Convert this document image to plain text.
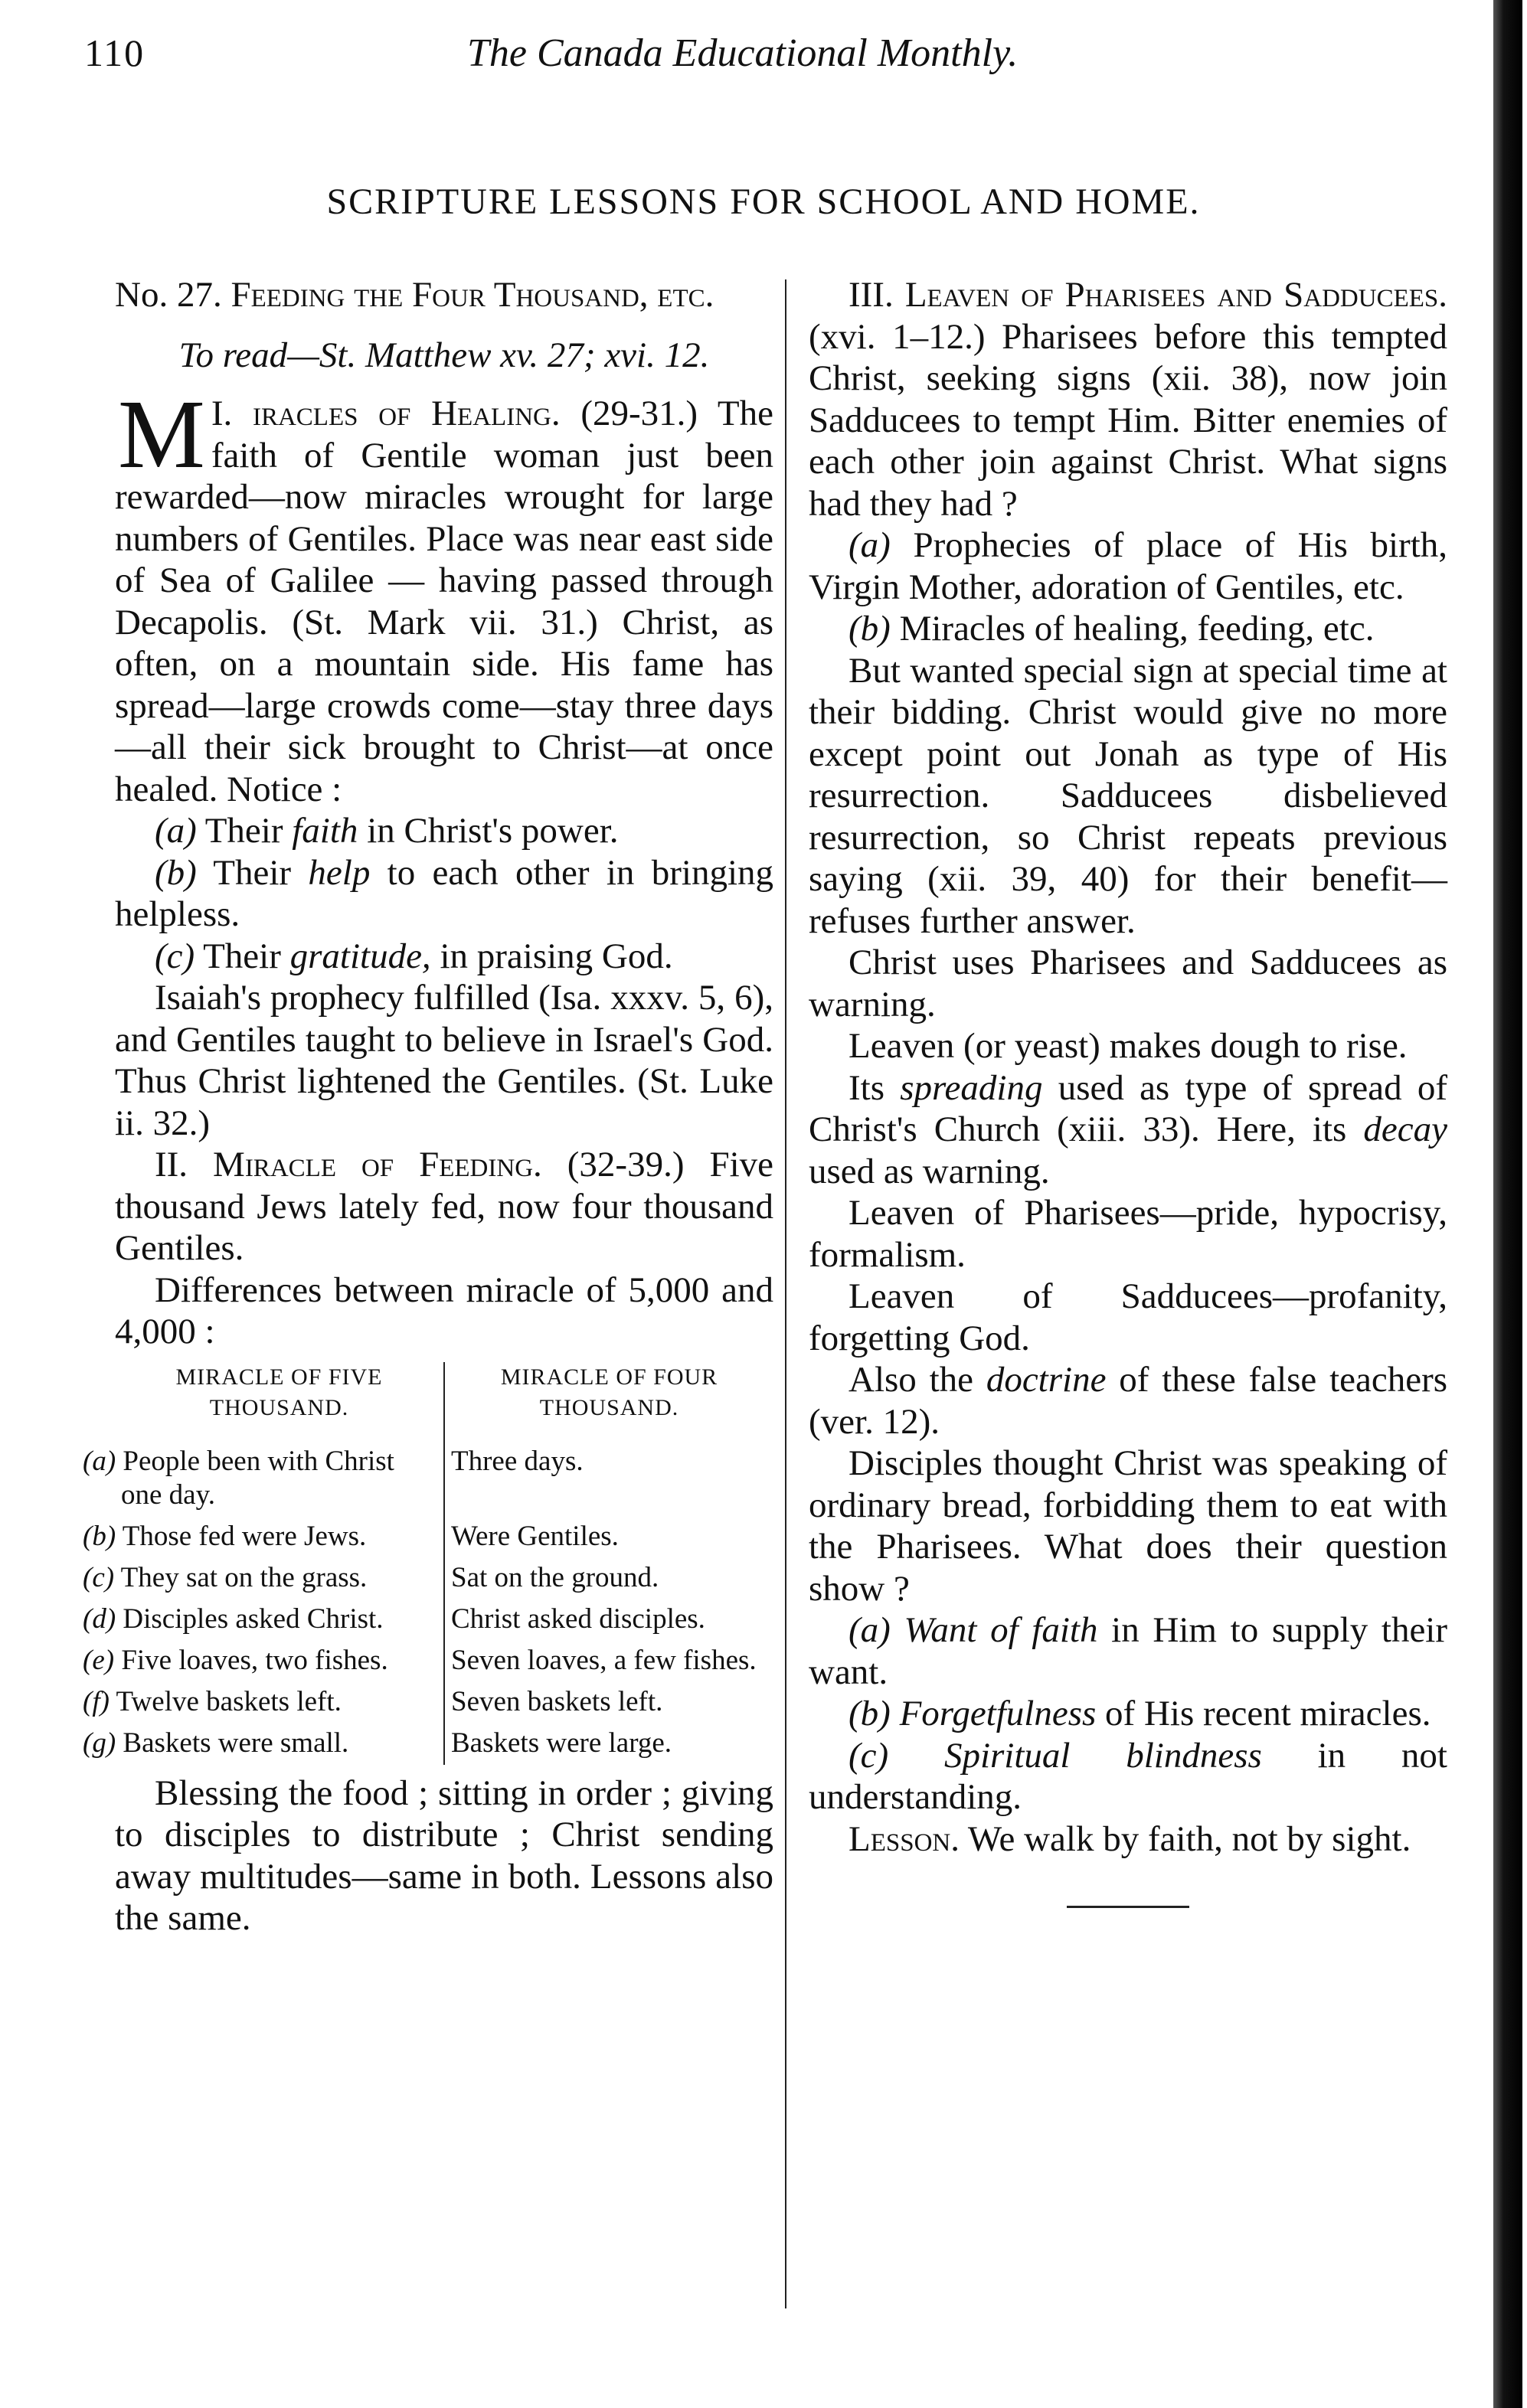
110	The Canada Educational Monthly.
SCRIPTURE LESSONS FOR SCHOOL AND HOME.

No. 27. Feeding the Four Thousand, etc.

To read—St. Matthew xv. 27; xvi. 12.

I.
M iracles of Healing. (29-31.) The faith of Gentile woman just been rewarded—now miracles wrought for large numbers of Gentiles. Place was near east side of Sea of Galilee — having passed through Decapolis. (St. Mark vii. 31.) Christ, as often, on a mountain side. His fame has spread—large crowds come—stay three days—all their sick brought to Christ—at once healed. Notice :

(a) Their faith in Christ's power.

(b) Their help to each other in bringing helpless.

(c) Their gratitude, in praising God.

Isaiah's prophecy fulfilled (Isa. xxxv. 5, 6), and Gentiles taught to believe in Israel's God. Thus Christ lightened the Gentiles. (St. Luke ii. 32.)

II. Miracle of Feeding. (32-39.) Five thousand Jews lately fed, now four thousand Gentiles.

Differences between miracle of 5,000 and 4,000 :

MIRACLE OF FIVE THOUSAND.	MIRACLE OF FOUR THOUSAND.
(a) People been with Christ one day.	Three days.
(b) Those fed were Jews.	Were Gentiles.
(c) They sat on the grass.	Sat on the ground.
(d) Disciples asked Christ.	Christ asked disciples.
(e) Five loaves, two fishes.	Seven loaves, a few fishes.
(f) Twelve baskets left.	Seven baskets left.
(g) Baskets were small.	Baskets were large.

Blessing the food ; sitting in order ; giving to disciples to distribute ; Christ sending away multitudes—same in both. Lessons also the same.

III. Leaven of Pharisees and Sadducees. (xvi. 1–12.) Pharisees before this tempted Christ, seeking signs (xii. 38), now join Sadducees to tempt Him. Bitter enemies of each other join against Christ. What signs had they had ?

(a) Prophecies of place of His birth, Virgin Mother, adoration of Gentiles, etc.

(b) Miracles of healing, feeding, etc.

But wanted special sign at special time at their bidding. Christ would give no more except point out Jonah as type of His resurrection. Sadducees disbelieved resurrection, so Christ repeats previous saying (xii. 39, 40) for their benefit—refuses further answer.

Christ uses Pharisees and Sadducees as warning.

Leaven (or yeast) makes dough to rise.

Its spreading used as type of spread of Christ's Church (xiii. 33). Here, its decay used as warning.

Leaven of Pharisees—pride, hypocrisy, formalism.

Leaven of Sadducees—profanity, forgetting God.

Also the doctrine of these false teachers (ver. 12).

Disciples thought Christ was speaking of ordinary bread, forbidding them to eat with the Pharisees. What does their question show ?

(a) Want of faith in Him to supply their want.

(b) Forgetfulness of His recent miracles.

(c) Spiritual blindness in not understanding.

Lesson. We walk by faith, not by sight.
